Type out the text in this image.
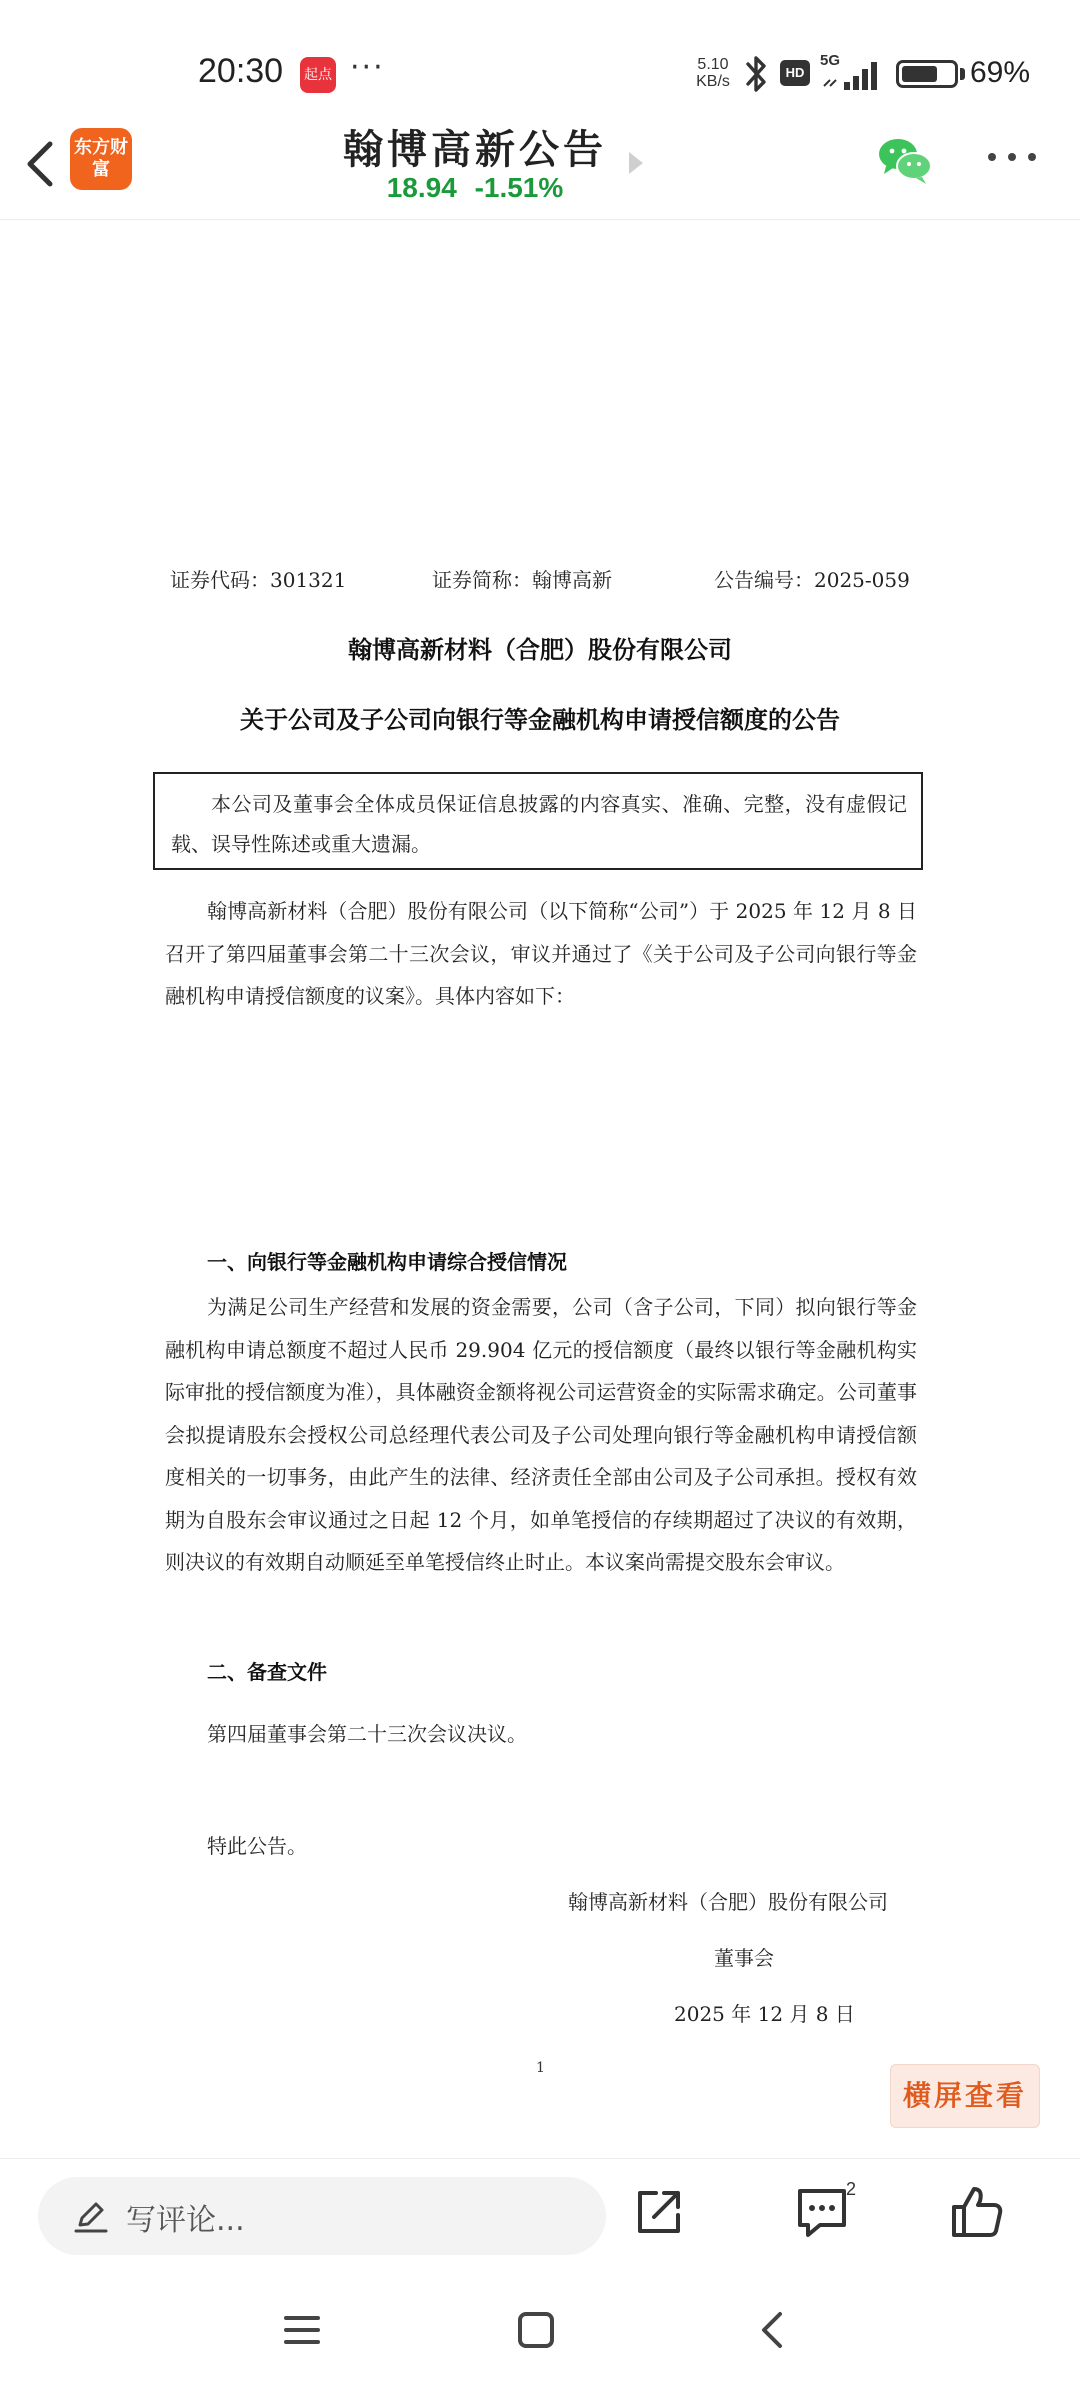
20:30 起点 ···	5.10
KB/s
HD
5G	69%
东方财富	翰博高新公告
18.94 -1.51%
证券代码：301321	证券简称：翰博高新	公告编号：2025-059
翰博高新材料（合肥）股份有限公司
关于公司及子公司向银行等金融机构申请授信额度的公告
本公司及董事会全体成员保证信息披露的内容真实、准确、完整，没有虚假记载、误导性陈述或重大遗漏。
翰博高新材料（合肥）股份有限公司（以下简称“公司”）于 2025 年 12 月 8 日召开了第四届董事会第二十三次会议，审议并通过了《关于公司及子公司向银行等金融机构申请授信额度的议案》。具体内容如下：
一、向银行等金融机构申请综合授信情况
为满足公司生产经营和发展的资金需要，公司（含子公司，下同）拟向银行等金融机构申请总额度不超过人民币 29.904 亿元的授信额度（最终以银行等金融机构实际审批的授信额度为准），具体融资金额将视公司运营资金的实际需求确定。公司董事会拟提请股东会授权公司总经理代表公司及子公司处理向银行等金融机构申请授信额度相关的一切事务，由此产生的法律、经济责任全部由公司及子公司承担。授权有效期为自股东会审议通过之日起 12 个月，如单笔授信的存续期超过了决议的有效期，则决议的有效期自动顺延至单笔授信终止时止。本议案尚需提交股东会审议。
二、备查文件
第四届董事会第二十三次会议决议。
特此公告。
翰博高新材料（合肥）股份有限公司
董事会
2025 年 12 月 8 日
1
横屏查看
写评论...
2
